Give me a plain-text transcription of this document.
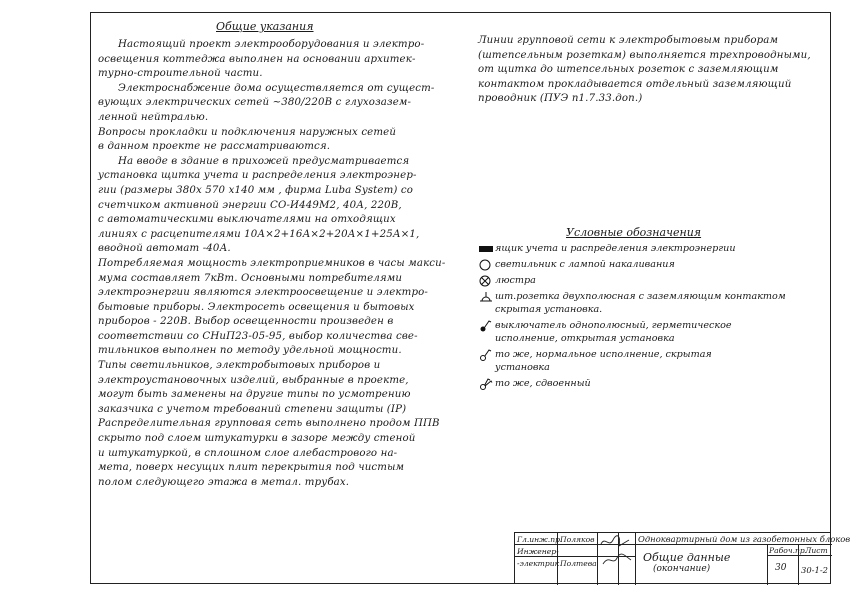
Общие указания
Настоящий проект электрооборудования и электро-
освещения коттеджа выполнен на основании архитек-
турно-строительной части.
Электроснабжение дома осуществляется от сущест-
вующих электрических сетей ~380/220В с глухозазем-
ленной нейтралью.
Вопросы прокладки и подключения наружных сетей
в данном проекте не рассматриваются.
На вводе в здание в прихожей предусматривается
установка щитка учета и распределения электроэнер-
гии (размеры 380х 570 х140 мм , фирма Luba System) со
счетчиком активной энергии СО-И449М2, 40А, 220В,
с автоматическими выключателями на отходящих
линиях с расцепителями 10А×2+16А×2+20А×1+25А×1,
вводной автомат -40А.
Потребляемая мощность электроприемников в часы макси-
мума составляет 7кВт. Основными потребителями
электроэнергии являются электроосвещение и электро-
бытовые приборы. Электросеть освещения и бытовых
приборов - 220В. Выбор освещенности произведен в
соответствии со СНиП23-05-95, выбор количества све-
тильников выполнен по методу удельной мощности.
Типы светильников, электробытовых приборов и
электроустановочных изделий, выбранные в проекте,
могут быть заменены на другие типы по усмотрению
заказчика с учетом требований степени защиты (IP)
Распределительная групповая сеть выполнено продом ППВ
скрыто под слоем штукатурки в зазоре между стеной
и штукатуркой, в сплошном слое алебастрового на-
мета, поверх несущих плит перекрытия под чистым
полом следующего этажа в метал. трубах.
Линии групповой сети к электробытовым приборам
(штепсельным розеткам) выполняется трехпроводными,
от щитка до штепсельных розеток с заземляющим
контактом прокладывается отдельный заземляющий
проводник (ПУЭ п1.7.33.доп.)
Условные обозначения
ящик учета и распределения электроэнергии
светильник с лампой накаливания
люстра
шт.розетка двухполюсная с заземляющим контактом
скрытая установка.
выключатель однополюсный, герметическое
исполнение, открытая установка
то же, нормальное исполнение, скрытая
установка
то же, сдвоенный
Гл.инж.пр.
Поляков
Инженер-
-электрик Полтева
Одноквартирный дом из газобетонных блоков
Общие данные
(окончание)
Рабоч.пр.
30
Лист
30-1-2
